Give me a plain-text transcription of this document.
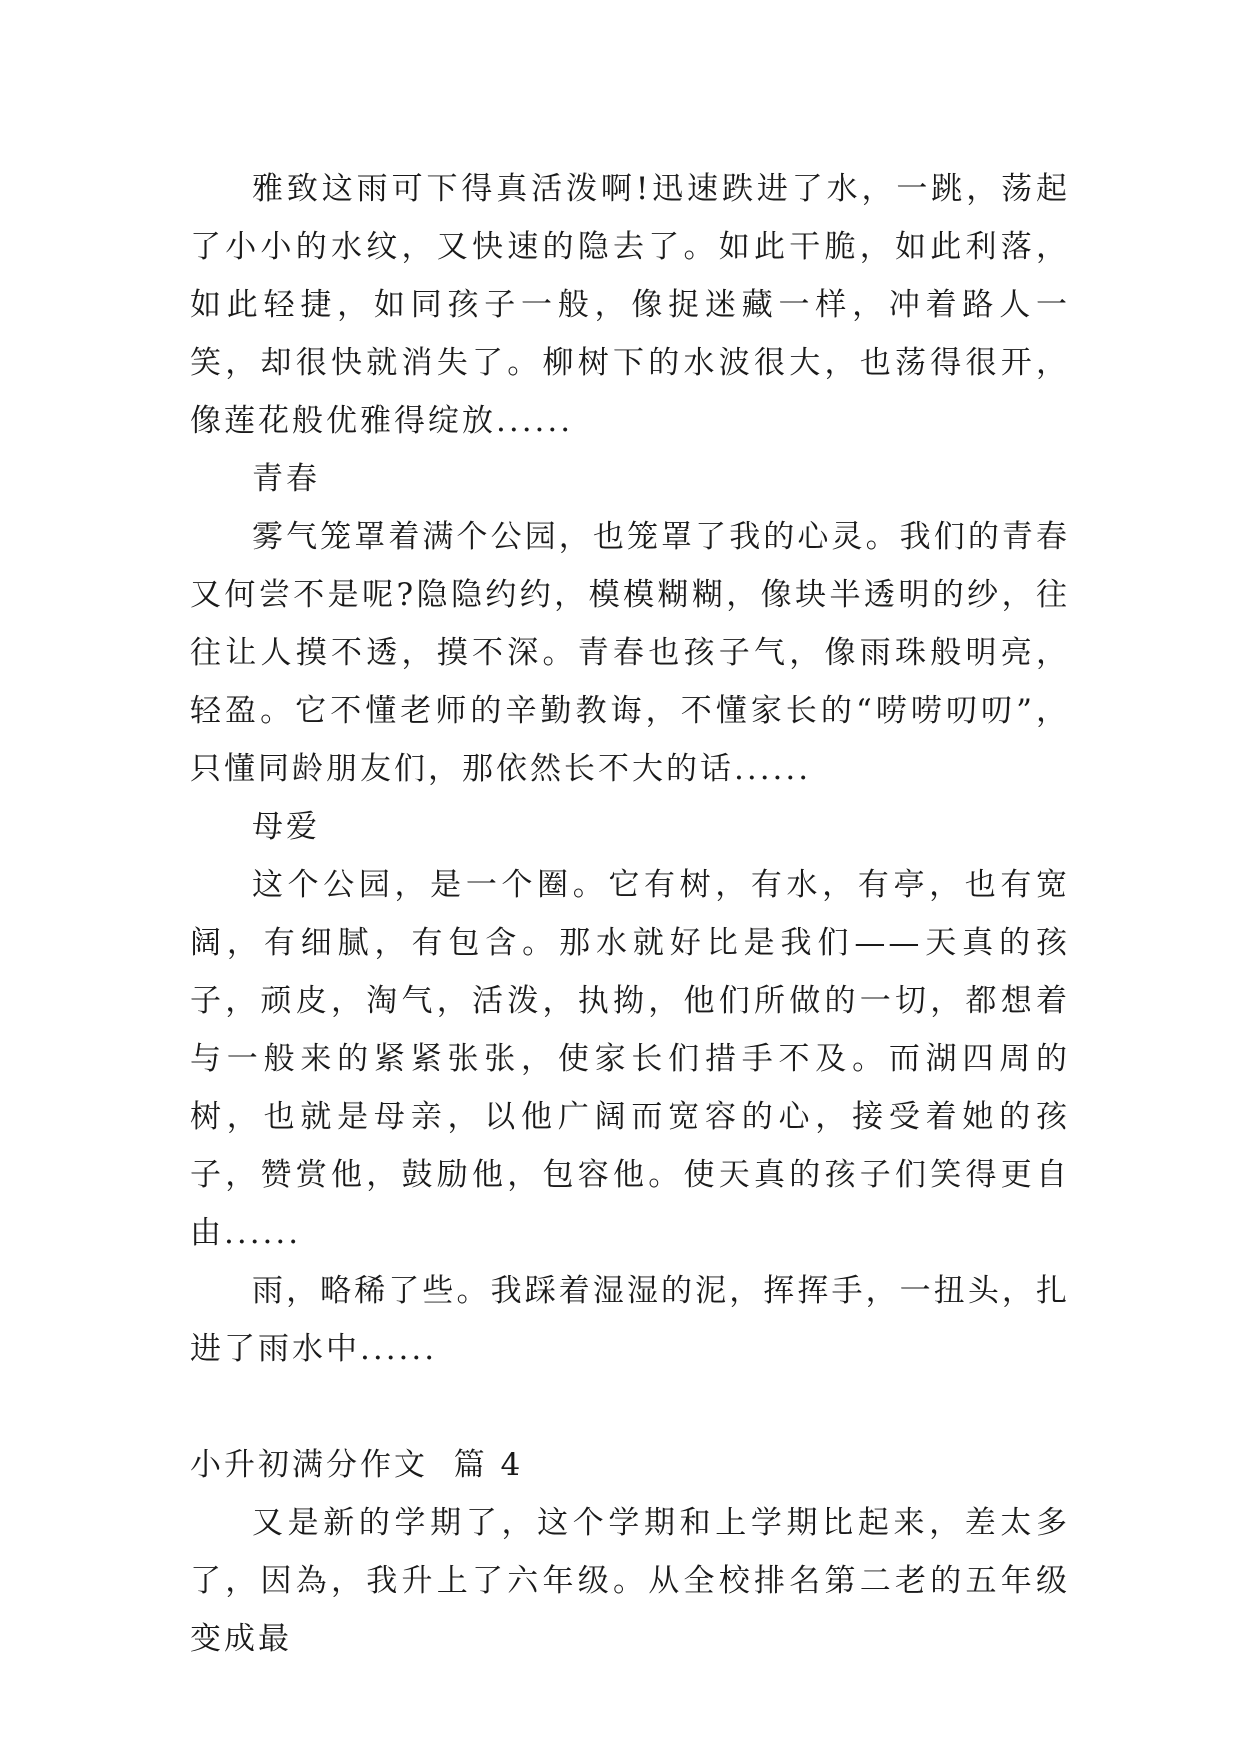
雅致这雨可下得真活泼啊!迅速跌进了水，一跳，荡起了小小的水纹，又快速的隐去了。如此干脆，如此利落，如此轻捷，如同孩子一般，像捉迷藏一样，冲着路人一笑，却很快就消失了。柳树下的水波很大，也荡得很开，像莲花般优雅得绽放......

青春

雾气笼罩着满个公园，也笼罩了我的心灵。我们的青春又何尝不是呢?隐隐约约，模模糊糊，像块半透明的纱，往往让人摸不透，摸不深。青春也孩子气，像雨珠般明亮，轻盈。它不懂老师的辛勤教诲，不懂家长的“唠唠叨叨”，只懂同龄朋友们，那依然长不大的话......

母爱

这个公园，是一个圈。它有树，有水，有亭，也有宽阔，有细腻，有包含。那水就好比是我们——天真的孩子，顽皮，淘气，活泼，执拗，他们所做的一切，都想着与一般来的紧紧张张，使家长们措手不及。而湖四周的树，也就是母亲，以他广阔而宽容的心，接受着她的孩子，赞赏他，鼓励他，包容他。使天真的孩子们笑得更自由......

雨，略稀了些。我踩着湿湿的泥，挥挥手，一扭头，扎进了雨水中......

小升初满分作文  篇 4

又是新的学期了，这个学期和上学期比起来，差太多了，因為，我升上了六年级。从全校排名第二老的五年级变成最
